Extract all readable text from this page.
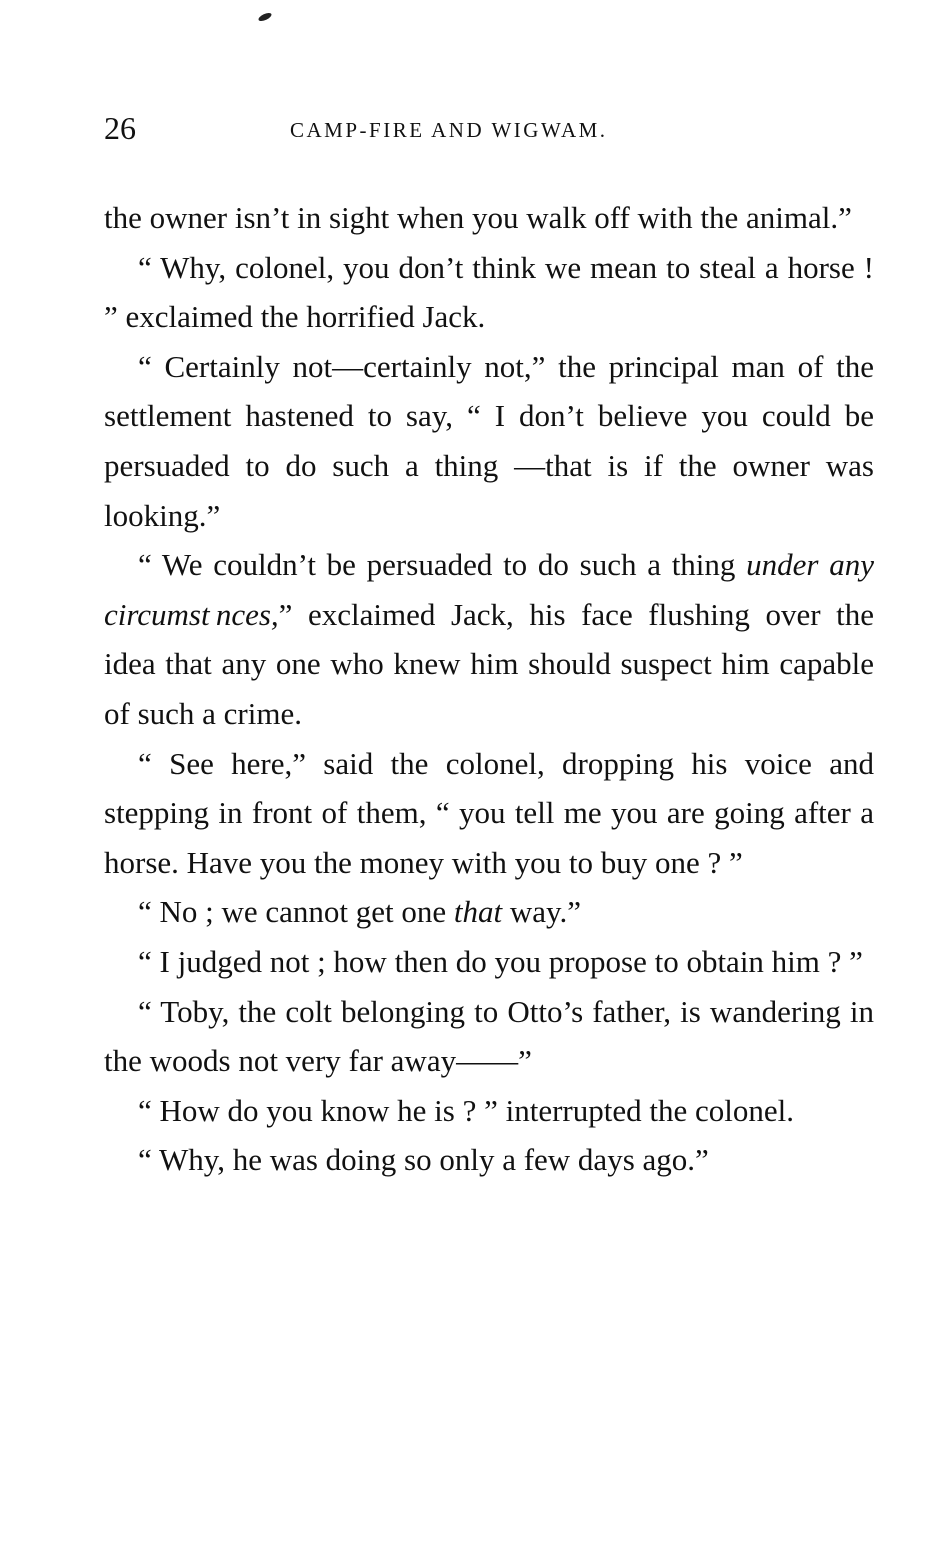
26	CAMP-FIRE AND WIGWAM.

the owner isn’t in sight when you walk off with the animal.”

“ Why, colonel, you don’t think we mean to steal a horse ! ” exclaimed the horrified Jack.

“ Certainly not—certainly not,” the principal man of the settlement hastened to say, “ I don’t believe you could be persuaded to do such a thing —that is if the owner was looking.”

“ We couldn’t be persuaded to do such a thing under any circumst nces,” exclaimed Jack, his face flushing over the idea that any one who knew him should suspect him capable of such a crime.

“ See here,” said the colonel, dropping his voice and stepping in front of them, “ you tell me you are going after a horse. Have you the money with you to buy one ? ”

“ No ; we cannot get one that way.”

“ I judged not ; how then do you propose to obtain him ? ”

“ Toby, the colt belonging to Otto’s father, is wandering in the woods not very far away——”

“ How do you know he is ? ” interrupted the colonel.

“ Why, he was doing so only a few days ago.”
